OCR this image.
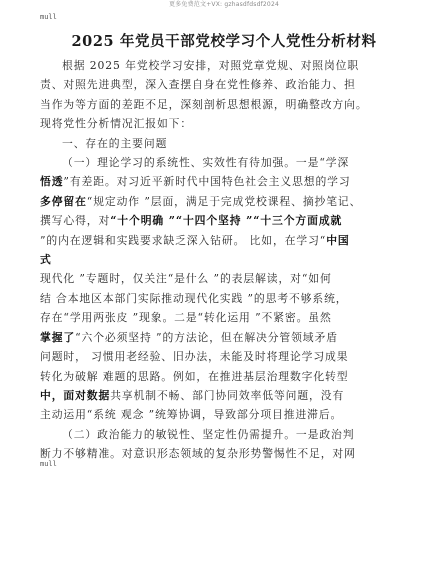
更多免费范文+VX: gzhasdfdsdf2024
mull
2025 年党员干部党校学习个人党性分析材料
根据 2025 年党校学习安排，对照党章党规、对照岗位职
责、对照先进典型，深入查摆自身在党性修养、政治能力、担
当作为等方面的差距不足，深刻剖析思想根源，明确整改方向。
现将党性分析情况汇报如下：
一、存在的主要问题
（一）理论学习的系统性、实效性有待加强。一是“学深
悟透”有差距。对习近平新时代中国特色社会主义思想的学习
多停留在“规定动作 ”层面，满足于完成党校课程、摘抄笔记、
撰写心得，对“十个明确 ”“十四个坚持 ”“十三个方面成就
”的内在逻辑和实践要求缺乏深入钻研。 比如，在学习“中国
式
现代化 ”专题时，仅关注“是什么 ”的表层解读，对“如何
结 合本地区本部门实际推动现代化实践 ”的思考不够系统，
存在“学用两张皮 ”现象。二是“转化运用 ”不紧密。虽然
掌握了“六个必须坚持 ”的方法论，但在解决分管领域矛盾
问题时， 习惯用老经验、旧办法，未能及时将理论学习成果
转化为破解 难题的思路。例如，在推进基层治理数字化转型
中，面对数据共享机制不畅、部门协同效率低等问题，没有
主动运用“系统 观念 ”统筹协调，导致部分项目推进滞后。
（二）政治能力的敏锐性、坚定性仍需提升。一是政治判
断力不够精准。对意识形态领域的复杂形势警惕性不足，对网
mull
